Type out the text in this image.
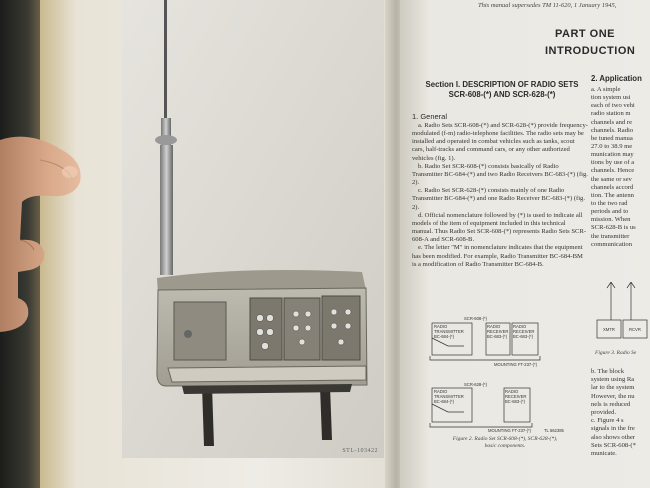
STL-103422
This manual supersedes TM 11-620, 1 January 1945,
PART ONE
INTRODUCTION
Section I. DESCRIPTION OF RADIO SETS
SCR-608-(*) AND SCR-628-(*)
1. General

a. Radio Sets SCR-608-(*) and SCR-628-(*) provide frequency-modulated (f-m) radio-telephone facilities. The radio sets may be installed and operated in combat vehicles such as tanks, scout cars, half-tracks and command cars, or any other authorized vehicles (fig. 1).

b. Radio Set SCR-608-(*) consists basically of Radio Transmitter BC-684-(*) and two Radio Receivers BC-683-(*) (fig. 2).

c. Radio Set SCR-628-(*) consists mainly of one Radio Transmitter BC-684-(*) and one Radio Receiver BC-683-(*) (fig. 2).

d. Official nomenclature followed by (*) is used to indicate all models of the item of equipment included in this technical manual. Thus Radio Set SCR-608-(*) represents Radio Sets SCR-608-A and SCR-608-B.

e. The letter "M" in nomenclature indicates that the equipment has been modified. For example, Radio Transmitter BC-684-BM is a modification of Radio Transmitter BC-684-B.

SCR-608-(*)
RADIO TRANSMITTER BC-684-(*)
RADIO RECEIVER BC-683-(*)
RADIO RECEIVER BC-683-(*)
MOUNTING FT-237-(*)
SCR-628-(*)
RADIO TRANSMITTER BC-684-(*)
RADIO RECEIVER BC-683-(*)
MOUNTING FT-237-(*)	TL 562385
Figure 2. Radio Set SCR-608-(*), SCR-628-(*),
basic components.
2. Application
a. A simple
tion system usi
each of two vehi
radio station m
channels and re
channels. Radio
be tuned manua
27.0 to 38.9 me
munication may
tions by use of a
channels. Hence
the same or sev
channels accord
tion. The antenn
to the two rad
periods and to
mission. When
SCR-628-B is us
the transmitter
communication
XMTR	RCVR
Figure 3. Radio Se
b. The block
system using Ra
lar to the system
However, the nu
nels is reduced
provided.
c. Figure 4 s
signals in the fre
also shows other
Sets SCR-608-(*
municate.
